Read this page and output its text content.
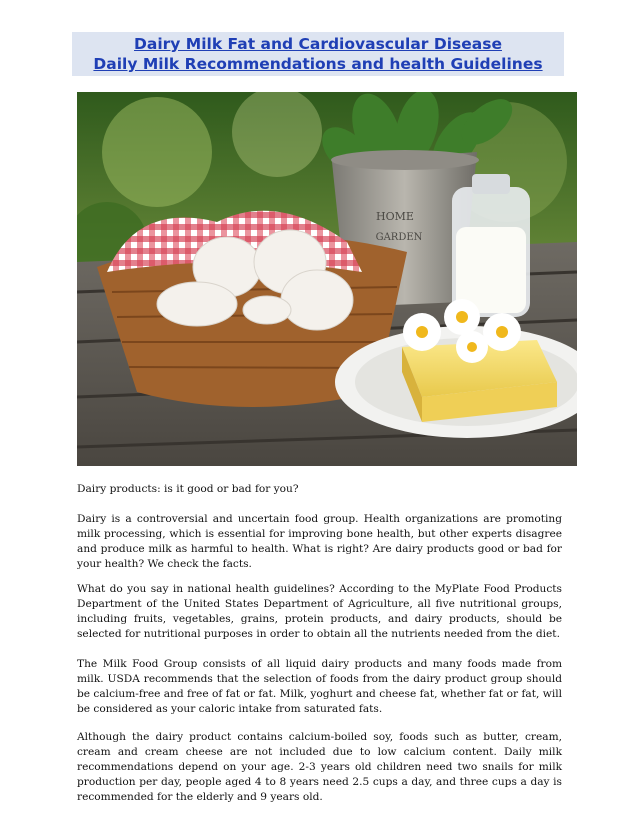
Dairy Milk Fat and Cardiovascular Disease
Daily Milk Recommendations and health Guidelines
HOME
GARDEN

Dairy products: is it good or bad for you?

Dairy is a controversial and uncertain food group. Health organizations are promoting milk processing, which is essential for improving bone health, but other experts disagree and produce milk as harmful to health. What is right? Are dairy products good or bad for your health? We check the facts.

What do you say in national health guidelines? According to the MyPlate Food Products Department of the United States Department of Agriculture, all five nutritional groups, including fruits, vegetables, grains, protein products, and dairy products, should be selected for nutritional purposes in order to obtain all the nutrients needed from the diet.

The Milk Food Group consists of all liquid dairy products and many foods made from milk. USDA recommends that the selection of foods from the dairy product group should be calcium-free and free of fat or fat. Milk, yoghurt and cheese fat, whether fat or fat, will be considered as your caloric intake from saturated fats.

Although the dairy product contains calcium-boiled soy, foods such as butter, cream, cream and cream cheese are not included due to low calcium content. Daily milk recommendations depend on your age. 2-3 years old children need two snails for milk production per day, people aged 4 to 8 years need 2.5 cups a day, and three cups a day is recommended for the elderly and 9 years old.
